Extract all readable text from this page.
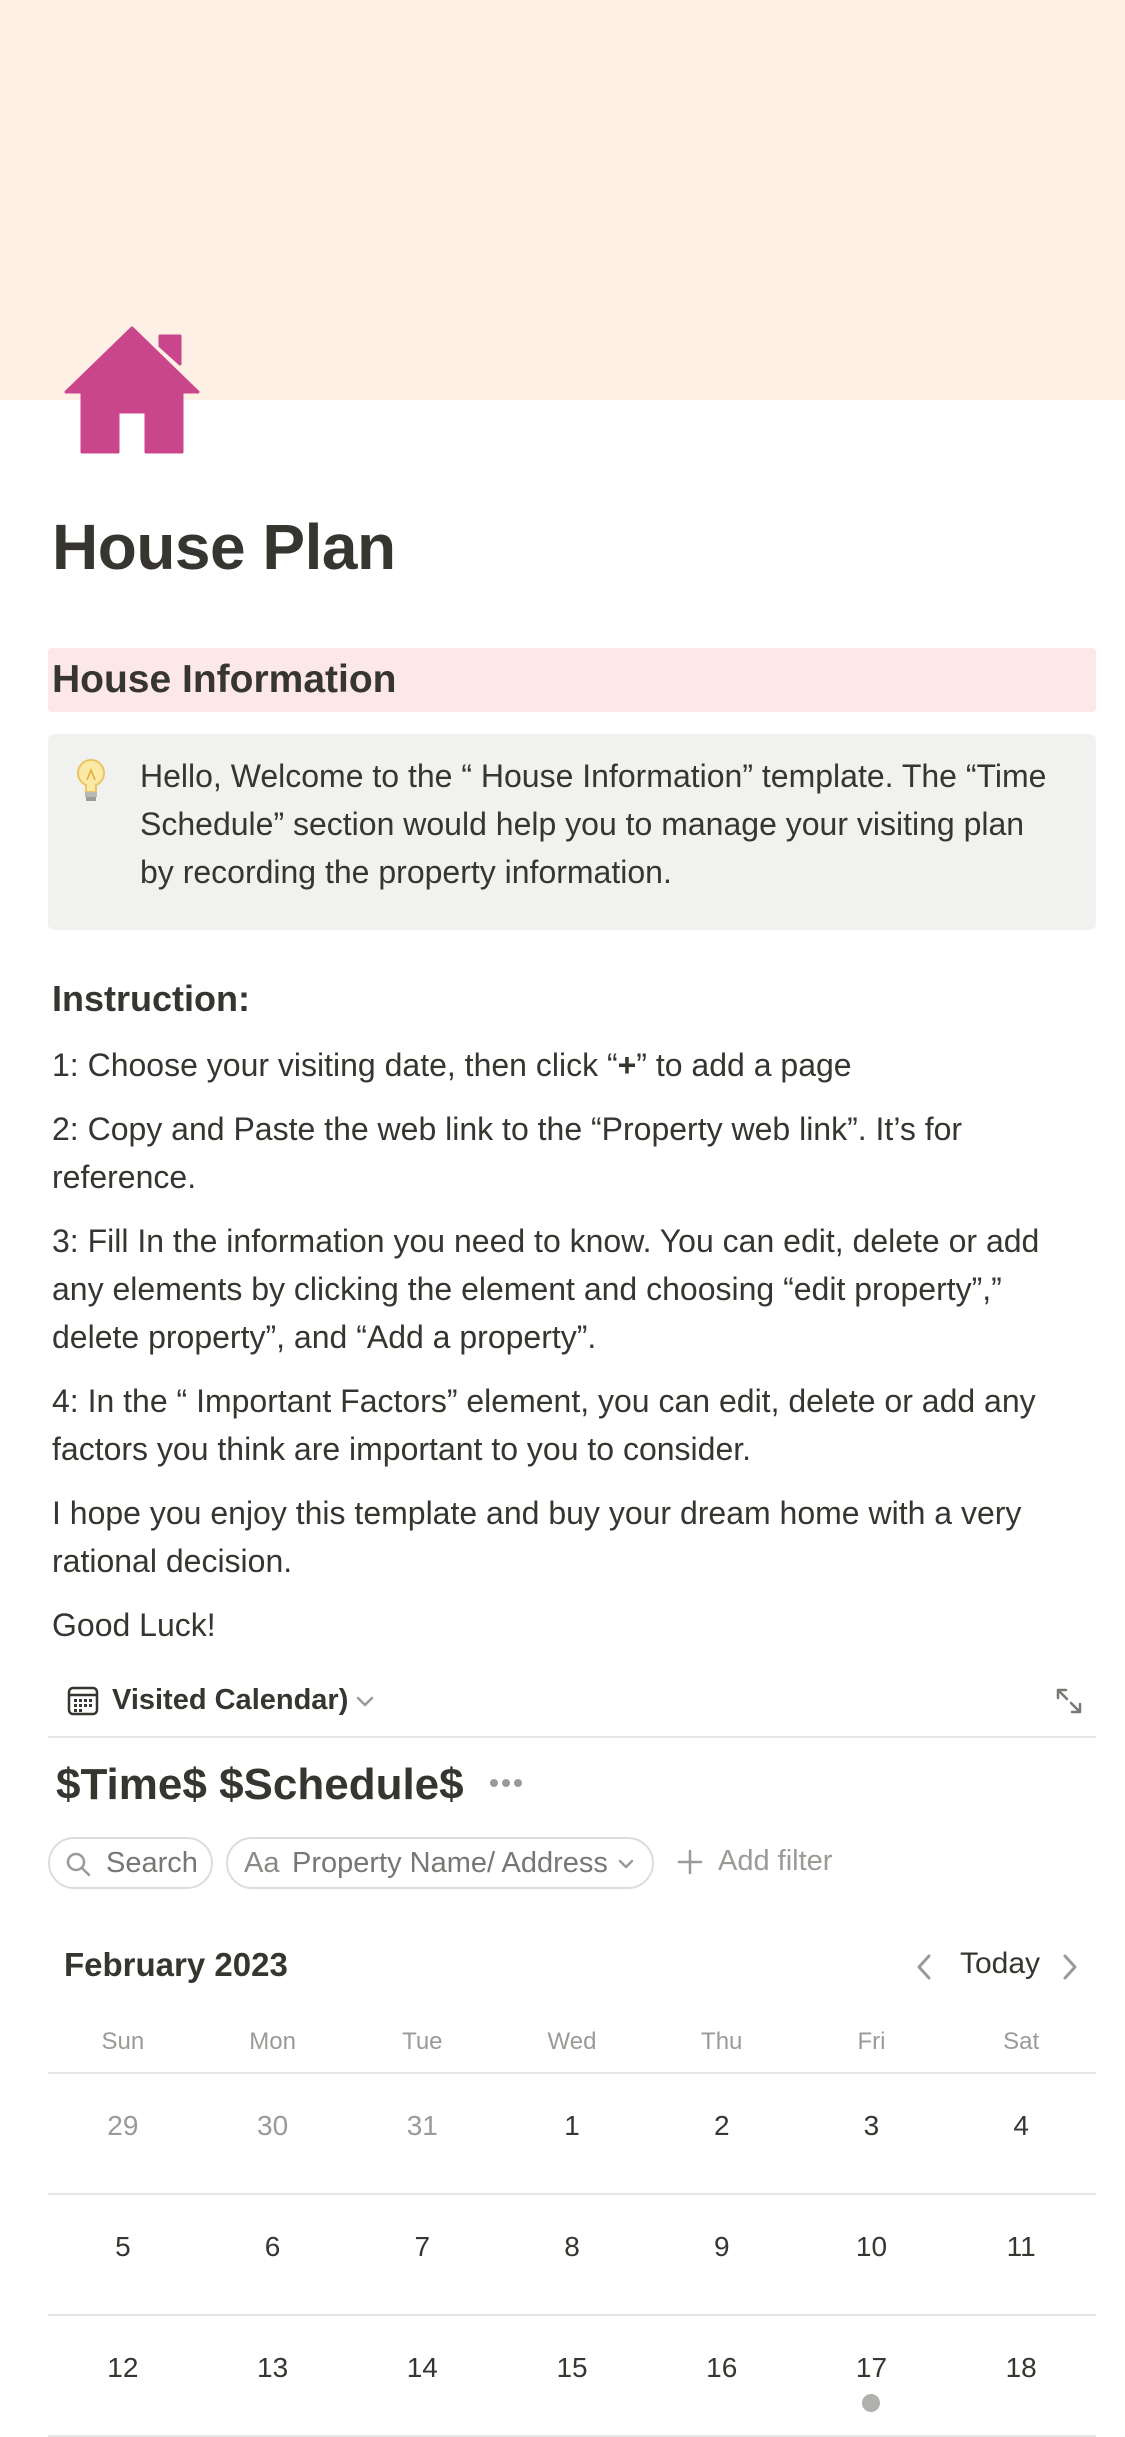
House Plan
House Information
Hello, Welcome to the “ House Information” template. The “Time Schedule” section would help you to manage your visiting plan by recording the property information.
Instruction:
1: Choose your visiting date, then click “+” to add a page
2: Copy and Paste the web link to the “Property web link”. It’s for reference.
3: Fill In the information you need to know. You can edit, delete or add any elements by clicking the element and choosing “edit property”,” delete property”, and “Add a property”.
4: In the “ Important Factors” element, you can edit, delete or add any factors you think are important to you to consider.
I hope you enjoy this template and buy your dream home with a very rational decision.
Good Luck!
Visited Calendar)
$Time$ $Schedule$
Search Aa Property Name/ Address	Add filter
February 2023	Today
Sun	Mon	Tue	Wed	Thu	Fri	Sat
29	30	31	1	2	3	4
5	6	7	8	9	10	11
12	13	14	15	16	17	18
